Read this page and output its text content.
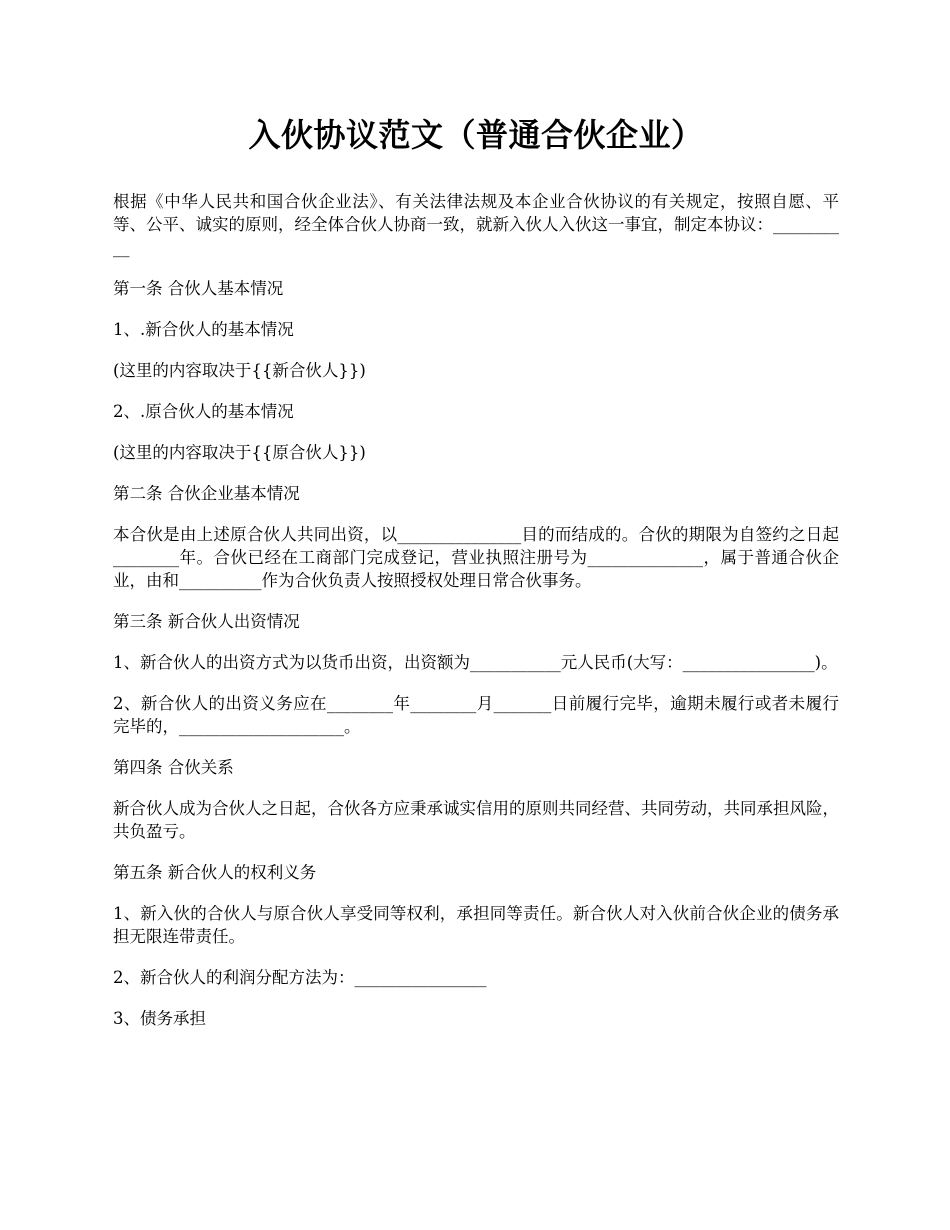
入伙协议范文（普通合伙企业）

根据《中华人民共和国合伙企业法》、有关法律法规及本企业合伙协议的有关规定，按照自愿、平等、公平、诚实的原则，经全体合伙人协商一致，就新入伙人入伙这一事宜，制定本协议：__________

第一条 合伙人基本情况

1、.新合伙人的基本情况

(这里的内容取决于{{新合伙人}})

2、.原合伙人的基本情况

(这里的内容取决于{{原合伙人}})

第二条 合伙企业基本情况

本合伙是由上述原合伙人共同出资，以_______________目的而结成的。合伙的期限为自签约之日起　　　________年。合伙已经在工商部门完成登记，营业执照注册号为______________，属于普通合伙企业，由和__________作为合伙负责人按照授权处理日常合伙事务。

第三条 新合伙人出资情况

1、新合伙人的出资方式为以货币出资，出资额为___________元人民币(大写：________________)。

2、新合伙人的出资义务应在________年________月_______日前履行完毕，逾期未履行或者未履行完毕的，____________________。

第四条 合伙关系

新合伙人成为合伙人之日起，合伙各方应秉承诚实信用的原则共同经营、共同劳动，共同承担风险，共负盈亏。

第五条 新合伙人的权利义务

1、新入伙的合伙人与原合伙人享受同等权利，承担同等责任。新合伙人对入伙前合伙企业的债务承担无限连带责任。

2、新合伙人的利润分配方法为：________________

3、债务承担
